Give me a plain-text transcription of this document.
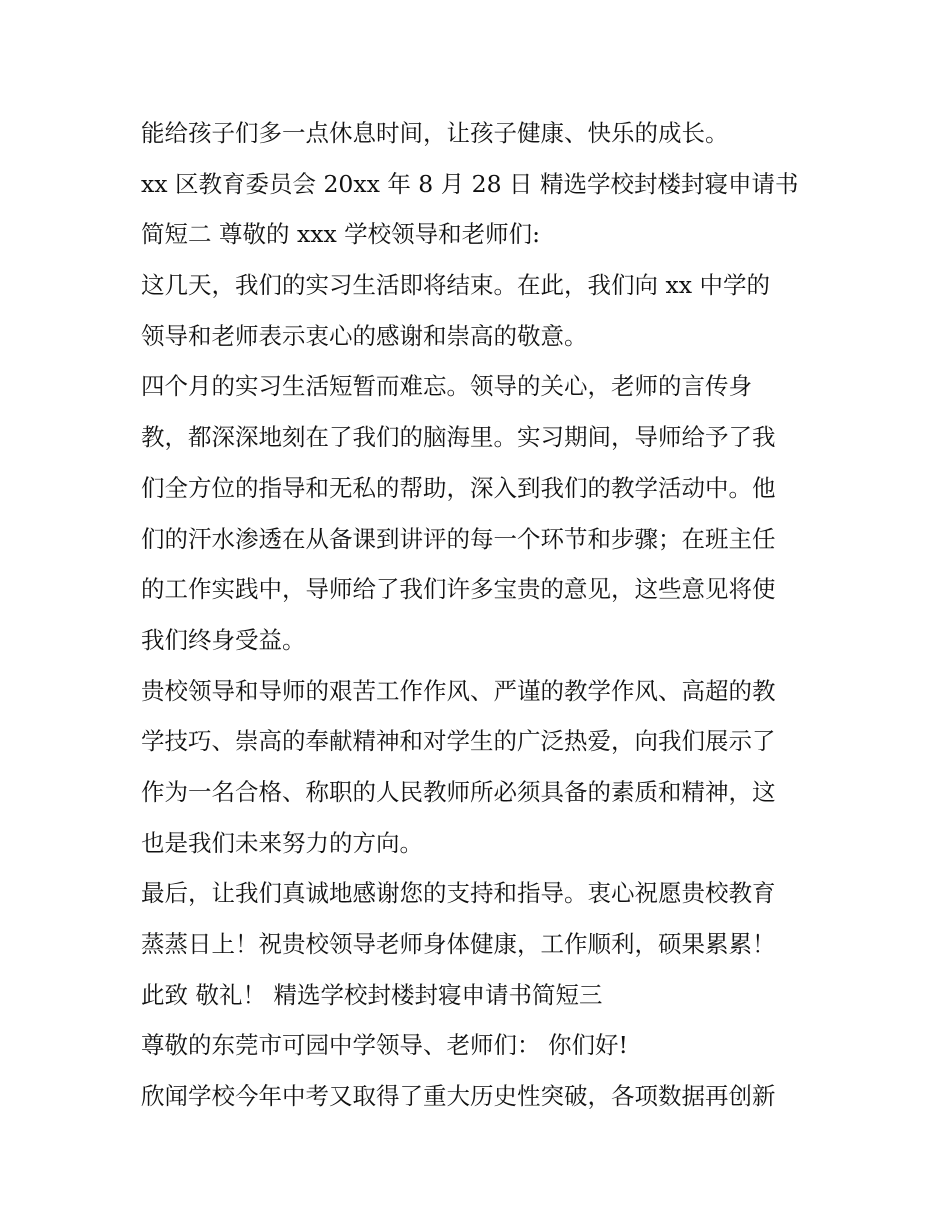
能给孩子们多一点休息时间，让孩子健康、快乐的成长。
xx 区教育委员会 20xx 年 8 月 28 日 精选学校封楼封寝申请书
简短二 尊敬的 xxx 学校领导和老师们:
这几天，我们的实习生活即将结束。在此，我们向 xx 中学的
领导和老师表示衷心的感谢和崇高的敬意。
四个月的实习生活短暂而难忘。领导的关心，老师的言传身
教，都深深地刻在了我们的脑海里。实习期间，导师给予了我
们全方位的指导和无私的帮助，深入到我们的教学活动中。他
们的汗水渗透在从备课到讲评的每一个环节和步骤；在班主任
的工作实践中，导师给了我们许多宝贵的意见，这些意见将使
我们终身受益。
贵校领导和导师的艰苦工作作风、严谨的教学作风、高超的教
学技巧、崇高的奉献精神和对学生的广泛热爱，向我们展示了
作为一名合格、称职的人民教师所必须具备的素质和精神，这
也是我们未来努力的方向。
最后，让我们真诚地感谢您的支持和指导。衷心祝愿贵校教育
蒸蒸日上！祝贵校领导老师身体健康，工作顺利，硕果累累！
此致 敬礼！ 精选学校封楼封寝申请书简短三
尊敬的东莞市可园中学领导、老师们： 你们好!
欣闻学校今年中考又取得了重大历史性突破，各项数据再创新
